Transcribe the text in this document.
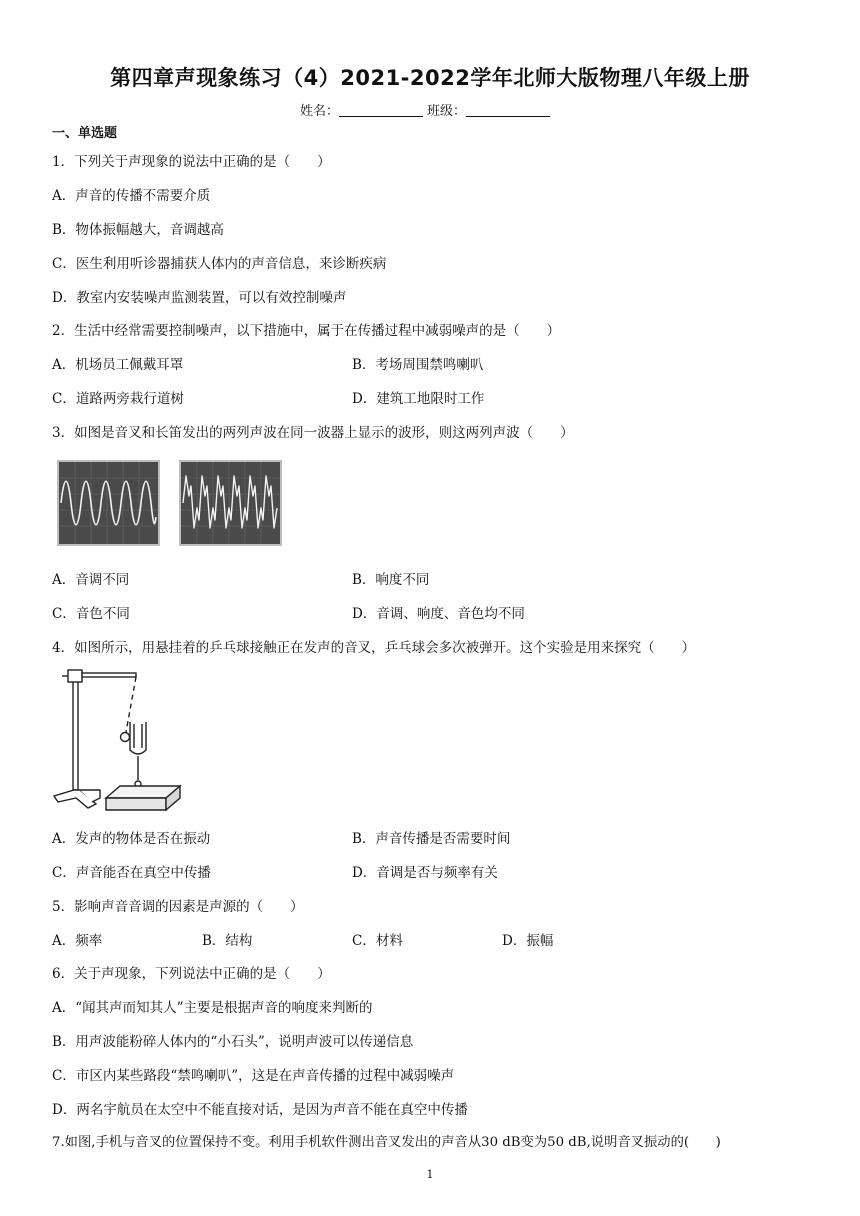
第四章声现象练习（4）2021-2022学年北师大版物理八年级上册
姓名：	班级：
一、单选题
1．下列关于声现象的说法中正确的是（　　）
A．声音的传播不需要介质
B．物体振幅越大，音调越高
C．医生利用听诊器捕获人体内的声音信息，来诊断疾病
D．教室内安装噪声监测装置，可以有效控制噪声
2．生活中经常需要控制噪声，以下措施中，属于在传播过程中减弱噪声的是（　　）
A．机场员工佩戴耳罩	B．考场周围禁鸣喇叭
C．道路两旁栽行道树	D．建筑工地限时工作
3．如图是音叉和长笛发出的两列声波在同一波器上显示的波形，则这两列声波（　　）
A．音调不同	B．响度不同
C．音色不同	D．音调、响度、音色均不同
4．如图所示，用悬挂着的乒乓球接触正在发声的音叉，乒乓球会多次被弹开。这个实验是用来探究（　　）
A．发声的物体是否在振动	B．声音传播是否需要时间
C．声音能否在真空中传播	D．音调是否与频率有关
5．影响声音音调的因素是声源的（　　）
A．频率	B．结构	C．材料	D．振幅
6．关于声现象，下列说法中正确的是（　　）
A．“闻其声而知其人”主要是根据声音的响度来判断的
B．用声波能粉碎人体内的“小石头”，说明声波可以传递信息
C．市区内某些路段“禁鸣喇叭”，这是在声音传播的过程中减弱噪声
D．两名宇航员在太空中不能直接对话，是因为声音不能在真空中传播
7.如图,手机与音叉的位置保持不变。利用手机软件测出音叉发出的声音从30 dB变为50 dB,说明音叉振动的(　　)
1
